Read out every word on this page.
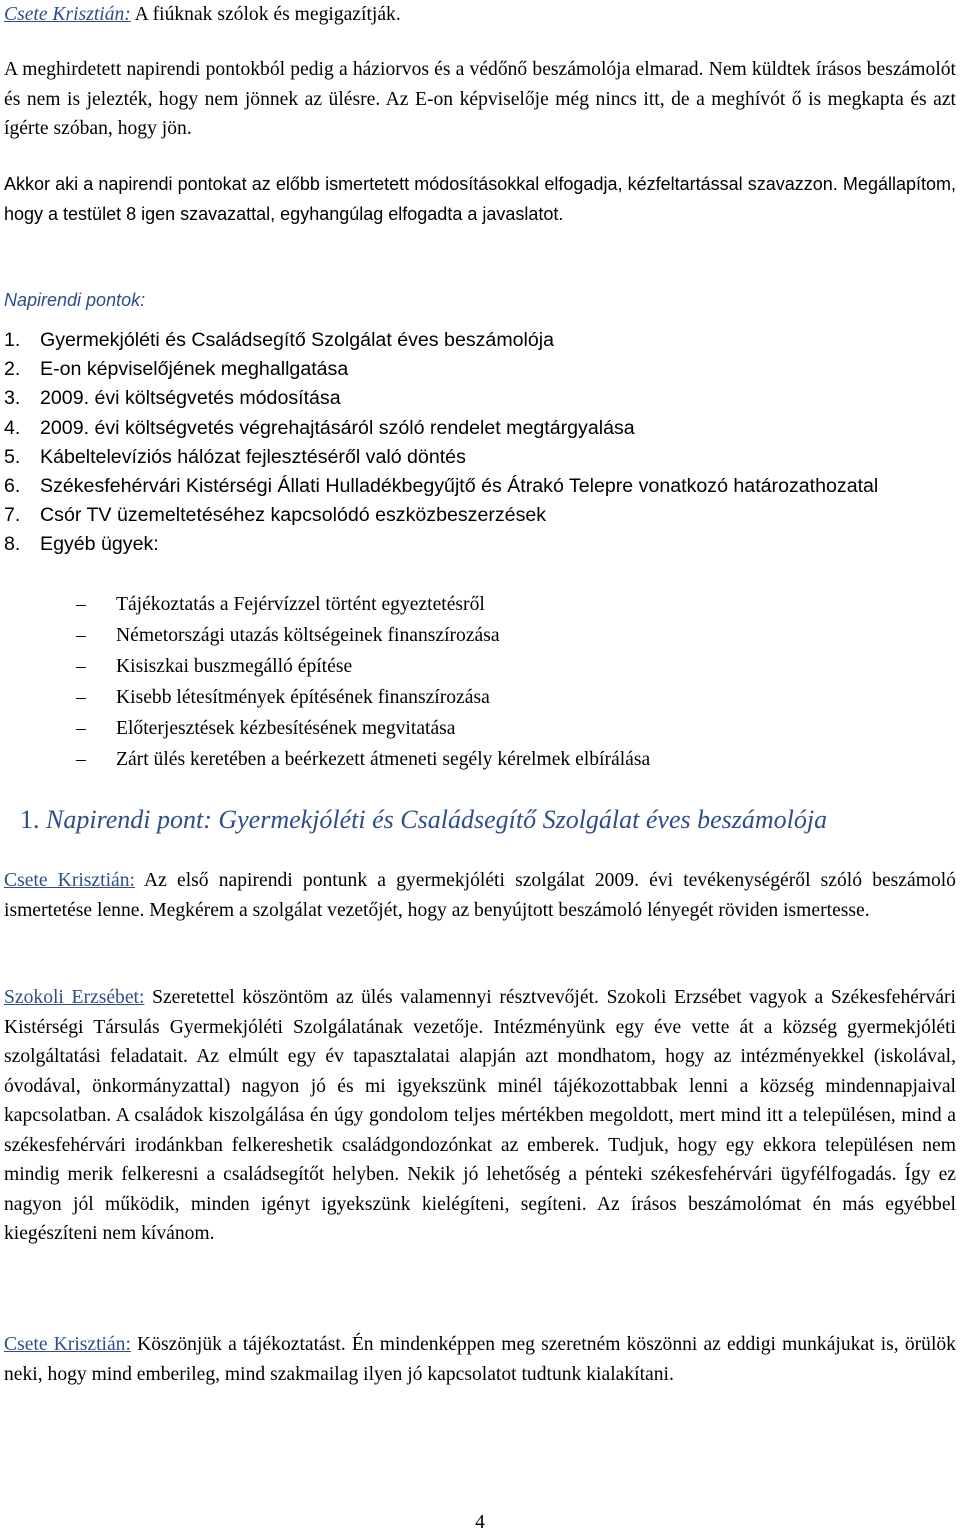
Csete Krisztián: A fiúknak szólok és megigazítják.

A meghirdetett napirendi pontokból pedig a háziorvos és a védőnő beszámolója elmarad. Nem küldtek írásos beszámolót és nem is jelezték, hogy nem jönnek az ülésre. Az E-on képviselője még nincs itt, de a meghívót ő is megkapta és azt ígérte szóban, hogy jön.

Akkor aki a napirendi pontokat az előbb ismertetett módosításokkal elfogadja, kézfeltartással szavazzon. Megállapítom, hogy a testület 8 igen szavazattal, egyhangúlag elfogadta a javaslatot.

Napirendi pontok:
1.	Gyermekjóléti és Családsegítő Szolgálat éves beszámolója
2.	E-on képviselőjének meghallgatása
3.	2009. évi költségvetés módosítása
4.	2009. évi költségvetés végrehajtásáról szóló rendelet megtárgyalása
5.	Kábeltelevíziós hálózat fejlesztéséről való döntés
6.	Székesfehérvári Kistérségi Állati Hulladékbegyűjtő és Átrakó Telepre vonatkozó határozathozatal
7.	Csór TV üzemeltetéséhez kapcsolódó eszközbeszerzések
8.	Egyéb ügyek:
–	Tájékoztatás a Fejérvízzel történt egyeztetésről
–	Németországi utazás költségeinek finanszírozása
–	Kisiszkai buszmegálló építése
–	Kisebb létesítmények építésének finanszírozása
–	Előterjesztések kézbesítésének megvitatása
–	Zárt ülés keretében a beérkezett átmeneti segély kérelmek elbírálása
1. Napirendi pont: Gyermekjóléti és Családsegítő Szolgálat éves beszámolója

Csete Krisztián: Az első napirendi pontunk a gyermekjóléti szolgálat 2009. évi tevékenységéről szóló beszámoló ismertetése lenne. Megkérem a szolgálat vezetőjét, hogy az benyújtott beszámoló lényegét röviden ismertesse.

Szokoli Erzsébet: Szeretettel köszöntöm az ülés valamennyi résztvevőjét. Szokoli Erzsébet vagyok a Székesfehérvári Kistérségi Társulás Gyermekjóléti Szolgálatának vezetője. Intézményünk egy éve vette át a község gyermekjóléti szolgáltatási feladatait. Az elmúlt egy év tapasztalatai alapján azt mondhatom, hogy az intézményekkel (iskolával, óvodával, önkormányzattal) nagyon jó és mi igyekszünk minél tájékozottabbak lenni a község mindennapjaival kapcsolatban. A családok kiszolgálása én úgy gondolom teljes mértékben megoldott, mert mind itt a településen, mind a székesfehérvári irodánkban felkereshetik családgondozónkat az emberek. Tudjuk, hogy egy ekkora településen nem mindig merik felkeresni a családsegítőt helyben. Nekik jó lehetőség a pénteki székesfehérvári ügyfélfogadás. Így ez nagyon jól működik, minden igényt igyekszünk kielégíteni, segíteni. Az írásos beszámolómat én más egyébbel kiegészíteni nem kívánom.

Csete Krisztián: Köszönjük a tájékoztatást. Én mindenképpen meg szeretném köszönni az eddigi munkájukat is, örülök neki, hogy mind emberileg, mind szakmailag ilyen jó kapcsolatot tudtunk kialakítani.

4
